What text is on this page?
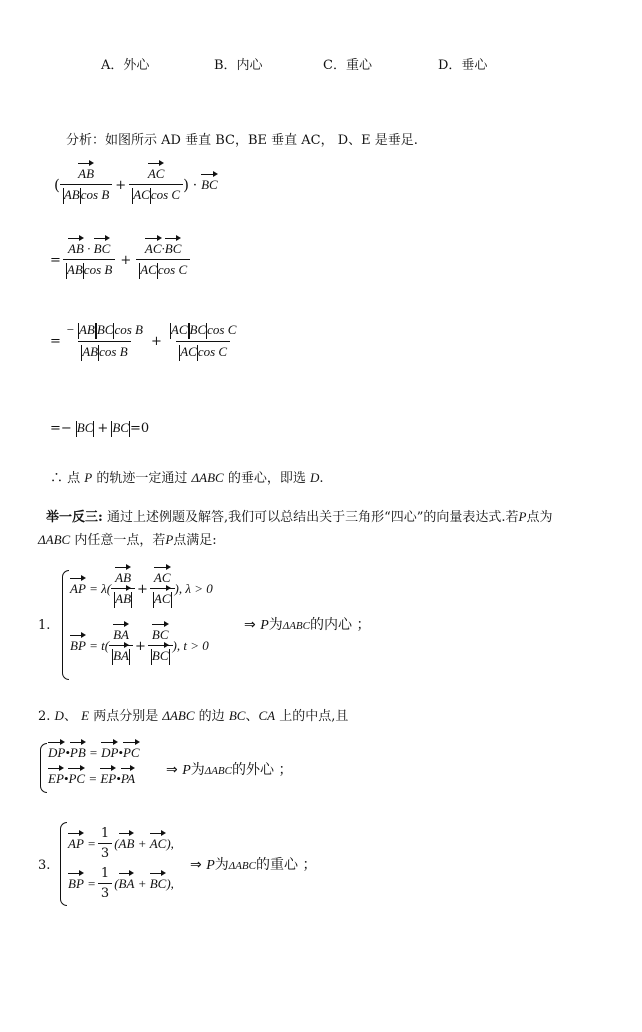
A．外心	B．内心	C．重心	D．垂心
分析：如图所示 AD 垂直 BC，BE 垂直 AC， D、E 是垂足.
( $\frac{AB}{\text{ABcos B}} + \frac{AC}{\text{ACcos C}}$ ) · BC
= $\frac{AB \cdot BC}{\text{ABcos B}} + \frac{AC\cdot BC}{\text{ACcos C}}$
= $\frac{\text{− AB BCcos B}}{\text{ABcos B}} + \frac{\text{AC BCcos C}}{\text{ACcos C}}$
=− BC + BC =0
∴ 点 P 的轨迹一定通过 ΔABC 的垂心，即选 D.
举一反三: 通过上述例题及解答,我们可以总结出关于三角形“四心”的向量表达式.若P点为
ΔABC 内任意一点，若P点满足:
1.
AP = $\lambda( \frac{AB}{AB} + \frac{AC}{AC}$ ) , λ > 0
BP = $t( \frac{BA}{BA} + \frac{BC}{BC}$ ) , t > 0
⇒ P为ΔABC的内心 ；
2. D、 E 两点分别是 ΔABC 的边 BC、CA 上的中点,且
DP•PB = DP•PC
EP•PC = EP•PA
⇒ P为ΔABC的外心 ；
3.
AP = $\frac{1}{3} (AB + AC)$,
BP = $\frac{1}{3} (BA + BC)$,
⇒ P为ΔABC的重心 ；
(AB/(|AB|cosB) + AC/(|AC|cosC))·BC = AB·BC/(|AB|cosB) + AC·BC/(|AC|cosC) = −|AB||BC|cosB/(|AB|cosB) + |AC||BC|cosC/(|AC|cosC)
